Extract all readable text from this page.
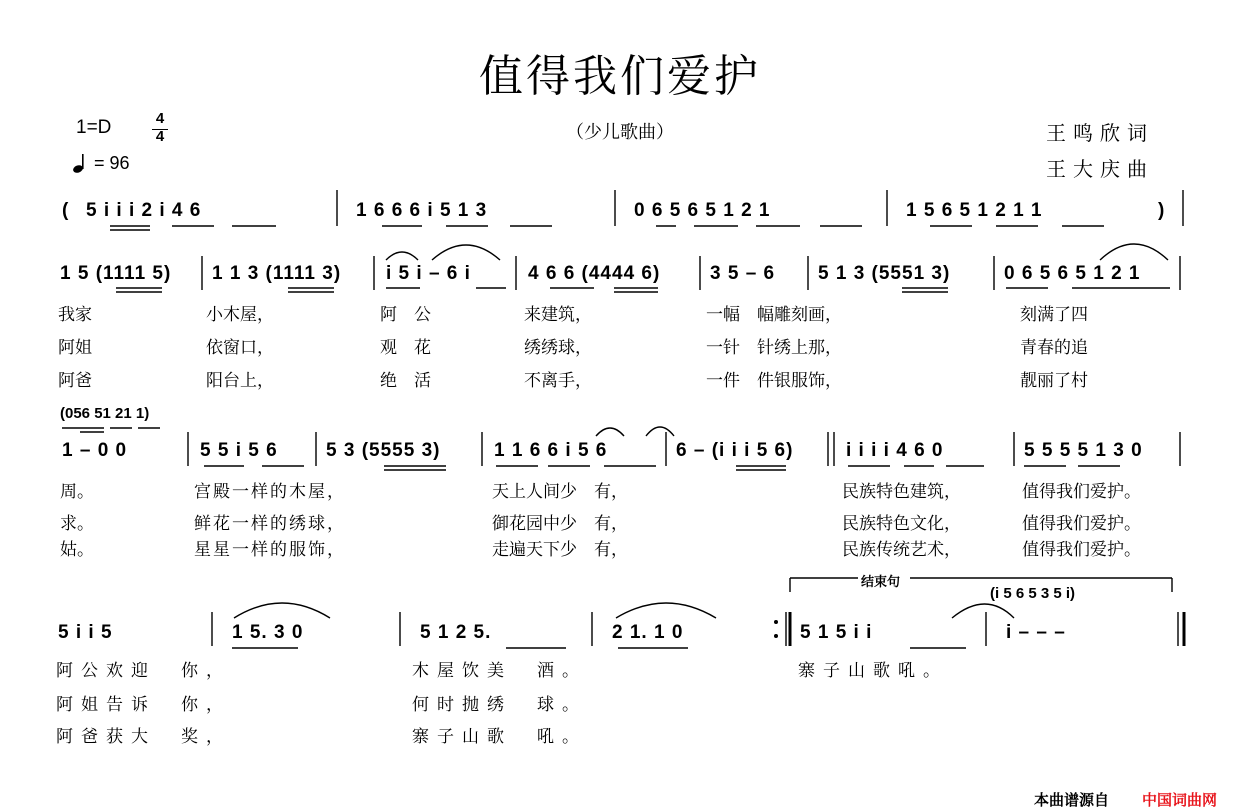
值得我们爱护
1=D	4
4	（少儿歌曲）	王鸣欣词
王大庆曲
= 96
( 5 i i i 2 i 4 6	1 6 6 6 i 5 1 3	0 6 5 6 5 1 2 1	1 5 6 5 1 2 1 1	)
1 5 (1111 5) 1 1 3 (1111 3) i 5 i – 6 i	4 6 6 (4444 6)	3 5 – 6 5 1 3 (5551 3)	0 6 5 6 5 1 2 1
我家	小木屋，	阿　公	来建筑，	一幅　幅雕刻画，	刻满了四
阿姐	依窗口，	观　花	绣绣球，	一针　针绣上那，	青春的追
阿爸	阳台上，	绝　活	不离手，	一件　件银服饰，	靓丽了村
(056 51 21 1)
1 – 0 0	5 5 i 5 6	5 3 (5555 3)	1 1 6 6 i 5 6	6 – (i i i 5 6)	i i i i 4 6 0	5 5 5 5 1 3 0
周。	宫殿一样的木屋，	天上人间少　有，	民族特色建筑，	值得我们爱护。
求。	鲜花一样的绣球，	御花园中少　有，	民族特色文化，	值得我们爱护。
姑。	星星一样的服饰，	走遍天下少　有，	民族传统艺术，	值得我们爱护。
结束句
(i 5 6 5 3 5 i)
5 i i 5	1 5. 3 0	5 1 2 5.	2 1. 1 0	5 1 5 i i	i – – –
阿公欢迎　你，	木屋饮美　酒。	寨子山歌吼。
阿姐告诉　你，	何时抛绣　球。
阿爸获大　奖，	寨子山歌　吼。
本曲谱源自 中国词曲网
